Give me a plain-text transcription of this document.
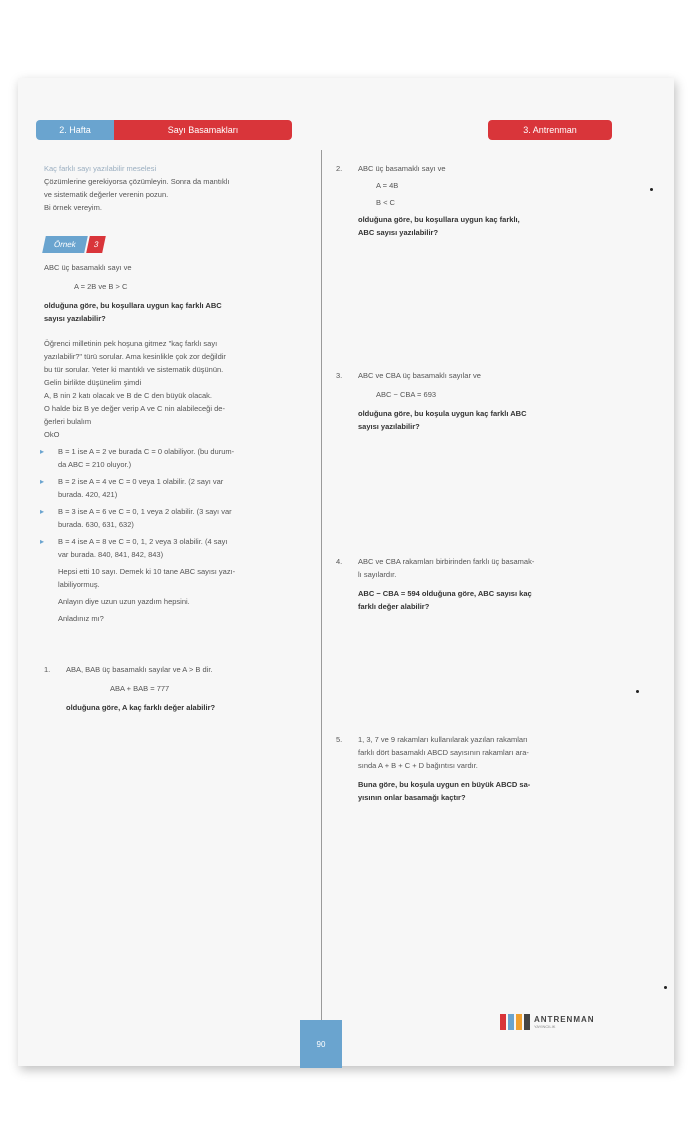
2. Hafta	Sayı Basamakları	3. Antrenman

Kaç farklı sayı yazılabilir meselesi

Çözümlerine gerekiyorsa çözümleyin. Sonra da mantıklı

ve sistematik değerler verenin pozun.

Bi örnek vereyim.

Örnek	3

ABC üç basamaklı sayı ve

A = 2B ve B > C

olduğuna göre, bu koşullara uygun kaç farklı ABC

sayısı yazılabilir?

Öğrenci milletinin pek hoşuna gitmez "kaç farklı sayı

yazılabilir?" türü sorular. Ama kesinlikle çok zor değildir

bu tür sorular. Yeter ki mantıklı ve sistematik düşünün.

Gelin birlikte düşünelim şimdi

A, B nin 2 katı olacak ve B de C den büyük olacak.

O halde biz B ye değer verip A ve C nin alabileceği de-

ğerleri bulalım

OkO

▸ B = 1 ise A = 2 ve burada C = 0 olabiliyor. (bu durum-

da ABC = 210 oluyor.)

▸ B = 2 ise A = 4 ve C = 0 veya 1 olabilir. (2 sayı var

burada. 420, 421)

▸ B = 3 ise A = 6 ve C = 0, 1 veya 2 olabilir. (3 sayı var

burada. 630, 631, 632)

▸ B = 4 ise A = 8 ve C = 0, 1, 2 veya 3 olabilir. (4 sayı

var burada. 840, 841, 842, 843)

Hepsi etti 10 sayı. Demek ki 10 tane ABC sayısı yazı-

labiliyormuş.

Anlayın diye uzun uzun yazdım hepsini.

Anladınız mı?

1. ABA, BAB üç basamaklı sayılar ve A > B dir.

ABA + BAB = 777

olduğuna göre, A kaç farklı değer alabilir?

2. ABC üç basamaklı sayı ve

A = 4B

B < C

olduğuna göre, bu koşullara uygun kaç farklı,

ABC sayısı yazılabilir?

3. ABC ve CBA üç basamaklı sayılar ve

ABC − CBA = 693

olduğuna göre, bu koşula uygun kaç farklı ABC

sayısı yazılabilir?

4. ABC ve CBA rakamları birbirinden farklı üç basamak-

lı sayılardır.

ABC − CBA = 594 olduğuna göre, ABC sayısı kaç

farklı değer alabilir?

5. 1, 3, 7 ve 9 rakamları kullanılarak yazılan rakamları

farklı dört basamaklı ABCD sayısının rakamları ara-

sında A + B + C + D bağıntısı vardır.

Buna göre, bu koşula uygun en büyük ABCD sa-

yısının onlar basamağı kaçtır?

90
ANTRENMAN
YAYINCILIK
